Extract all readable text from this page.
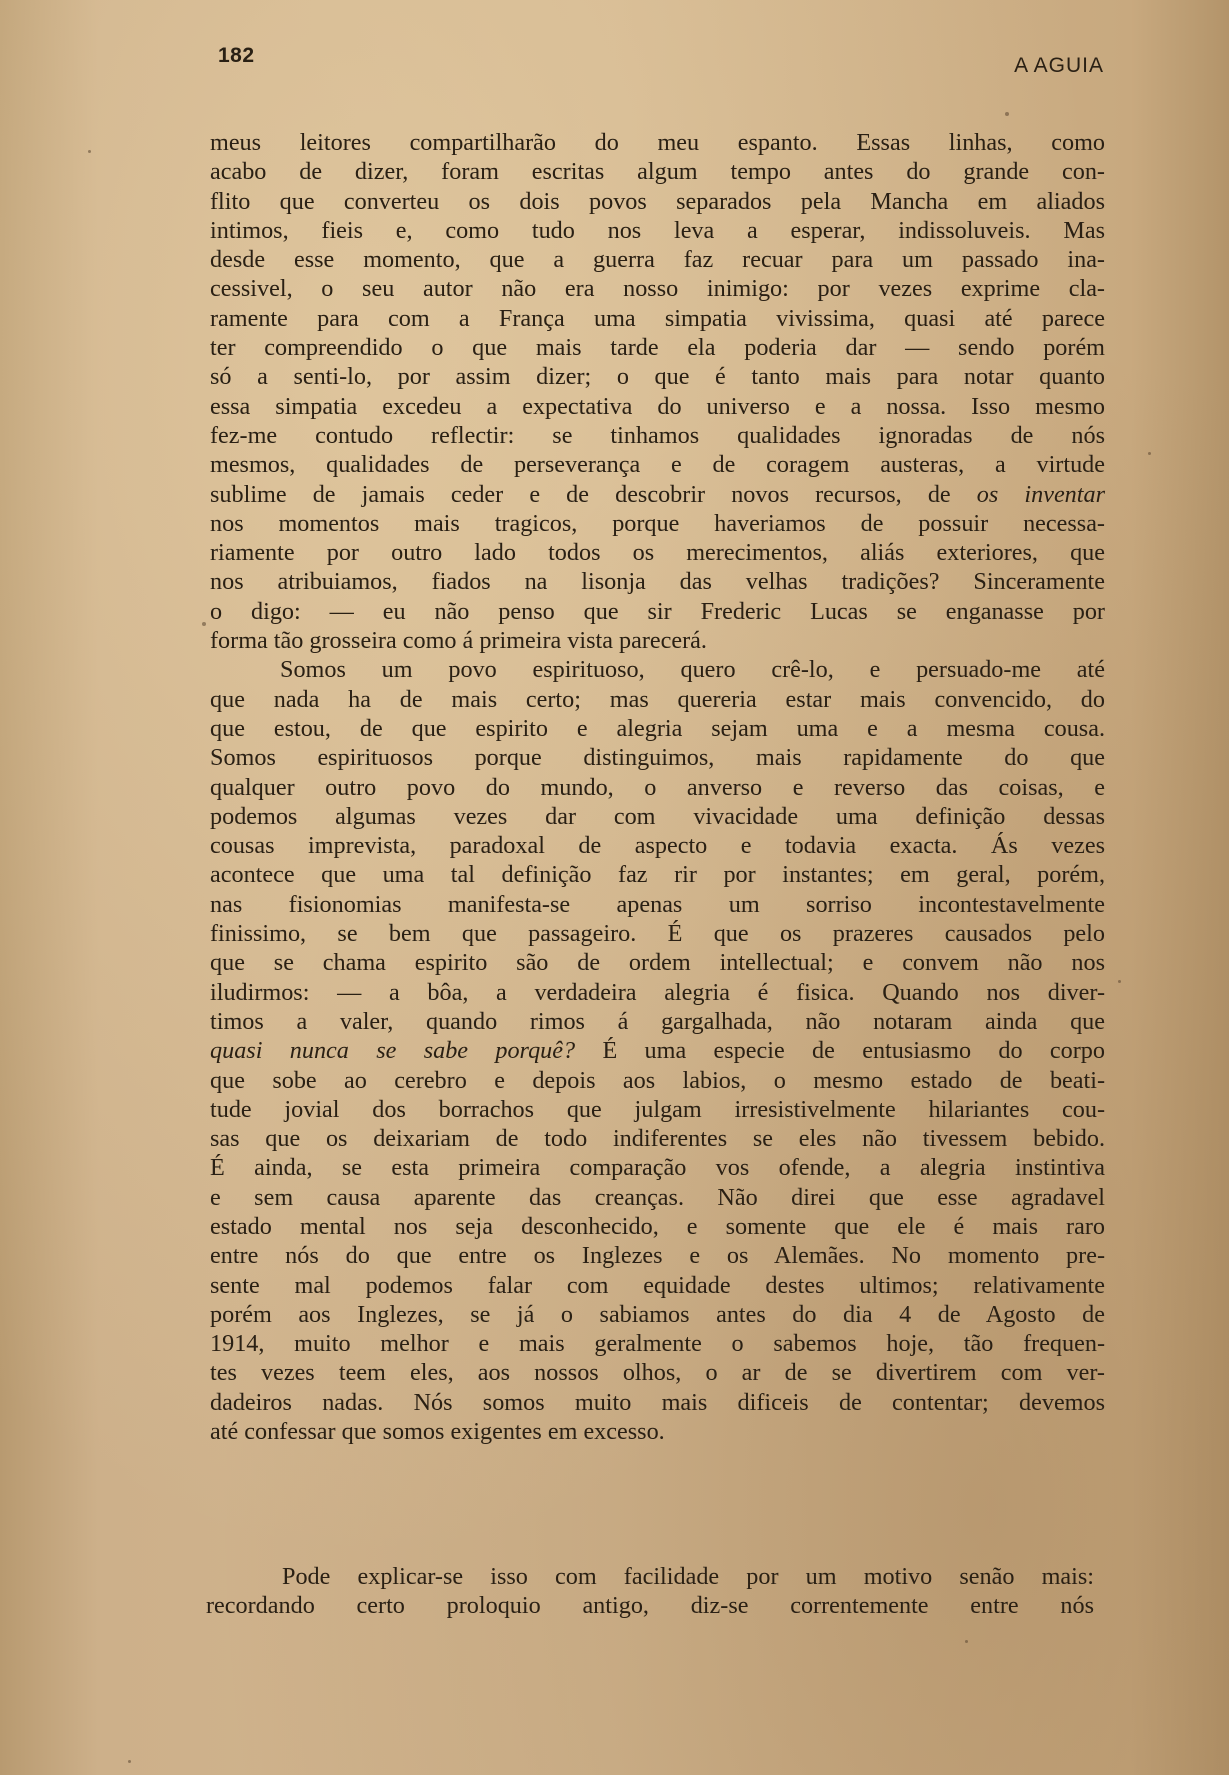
182	A AGUIA
meus leitores compartilharão do meu espanto. Essas linhas, como
acabo de dizer, foram escritas algum tempo antes do grande con-
flito que converteu os dois povos separados pela Mancha em aliados
intimos, fieis e, como tudo nos leva a esperar, indissoluveis. Mas
desde esse momento, que a guerra faz recuar para um passado ina-
cessivel, o seu autor não era nosso inimigo: por vezes exprime cla-
ramente para com a França uma simpatia vivissima, quasi até parece
ter compreendido o que mais tarde ela poderia dar — sendo porém
só a senti-lo, por assim dizer; o que é tanto mais para notar quanto
essa simpatia excedeu a expectativa do universo e a nossa. Isso mesmo
fez-me contudo reflectir: se tinhamos qualidades ignoradas de nós
mesmos, qualidades de perseverança e de coragem austeras, a virtude
sublime de jamais ceder e de descobrir novos recursos, de os inventar
nos momentos mais tragicos, porque haveriamos de possuir necessa-
riamente por outro lado todos os merecimentos, aliás exteriores, que
nos atribuiamos, fiados na lisonja das velhas tradições? Sinceramente
o digo: — eu não penso que sir Frederic Lucas se enganasse por
forma tão grosseira como á primeira vista parecerá.
Somos um povo espirituoso, quero crê-lo, e persuado-me até
que nada ha de mais certo; mas quereria estar mais convencido, do
que estou, de que espirito e alegria sejam uma e a mesma cousa.
Somos espirituosos porque distinguimos, mais rapidamente do que
qualquer outro povo do mundo, o anverso e reverso das coisas, e
podemos algumas vezes dar com vivacidade uma definição dessas
cousas imprevista, paradoxal de aspecto e todavia exacta. Ás vezes
acontece que uma tal definição faz rir por instantes; em geral, porém,
nas fisionomias manifesta-se apenas um sorriso incontestavelmente
finissimo, se bem que passageiro. É que os prazeres causados pelo
que se chama espirito são de ordem intellectual; e convem não nos
iludirmos: — a bôa, a verdadeira alegria é fisica. Quando nos diver-
timos a valer, quando rimos á gargalhada, não notaram ainda que
quasi nunca se sabe porquê? É uma especie de entusiasmo do corpo
que sobe ao cerebro e depois aos labios, o mesmo estado de beati-
tude jovial dos borrachos que julgam irresistivelmente hilariantes cou-
sas que os deixariam de todo indiferentes se eles não tivessem bebido.
É ainda, se esta primeira comparação vos ofende, a alegria instintiva
e sem causa aparente das creanças. Não direi que esse agradavel
estado mental nos seja desconhecido, e somente que ele é mais raro
entre nós do que entre os Inglezes e os Alemães. No momento pre-
sente mal podemos falar com equidade destes ultimos; relativamente
porém aos Inglezes, se já o sabiamos antes do dia 4 de Agosto de
1914, muito melhor e mais geralmente o sabemos hoje, tão frequen-
tes vezes teem eles, aos nossos olhos, o ar de se divertirem com ver-
dadeiros nadas. Nós somos muito mais dificeis de contentar; devemos
até confessar que somos exigentes em excesso.
Pode explicar-se isso com facilidade por um motivo senão mais:
recordando certo proloquio antigo, diz-se correntemente entre nós
